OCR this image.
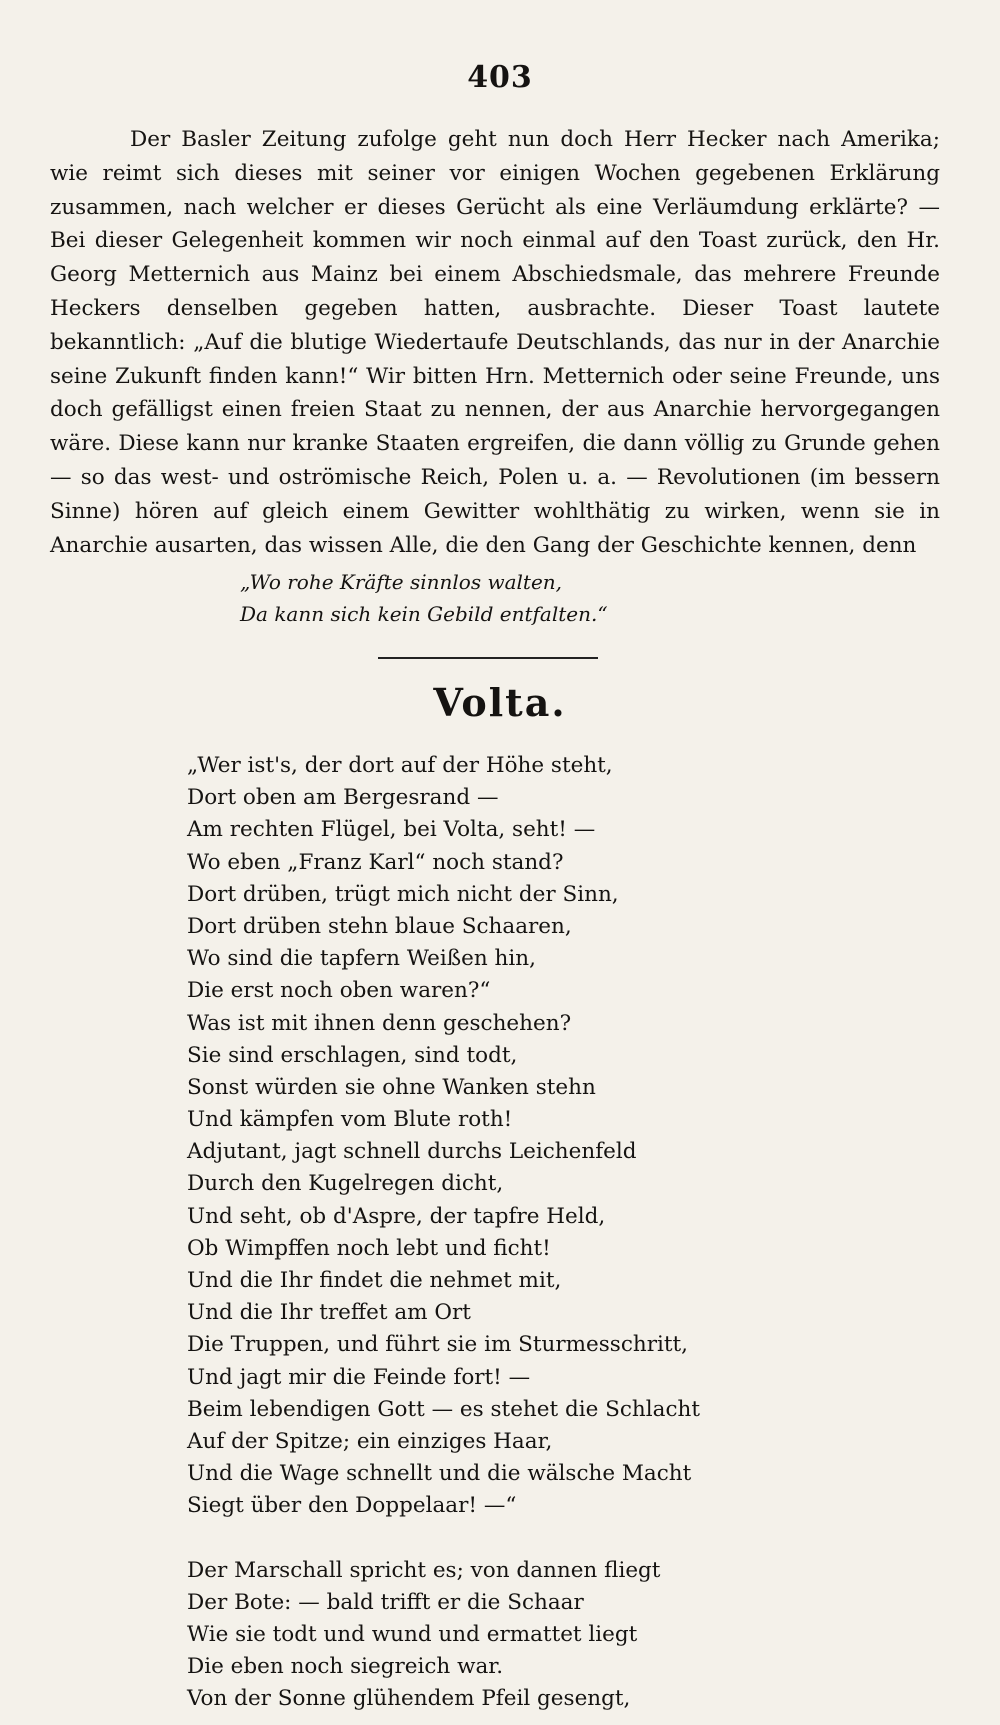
403

Der Basler Zeitung zufolge geht nun doch Herr Hecker nach Amerika; wie reimt sich dieses mit seiner vor einigen Wochen gegebenen Erklärung zusammen, nach welcher er dieses Gerücht als eine Verläumdung erklärte? — Bei dieser Gelegenheit kommen wir noch einmal auf den Toast zurück, den Hr. Georg Metternich aus Mainz bei einem Abschiedsmale, das mehrere Freunde Heckers denselben gegeben hatten, ausbrachte. Dieser Toast lautete bekanntlich: „Auf die blutige Wiedertaufe Deutschlands, das nur in der Anarchie seine Zukunft finden kann!“ Wir bitten Hrn. Metternich oder seine Freunde, uns doch gefälligst einen freien Staat zu nennen, der aus Anarchie hervorgegangen wäre. Diese kann nur kranke Staaten ergreifen, die dann völlig zu Grunde gehen — so das west- und oströmische Reich, Polen u. a. — Revolutionen (im bessern Sinne) hören auf gleich einem Gewitter wohlthätig zu wirken, wenn sie in Anarchie ausarten, das wissen Alle, die den Gang der Geschichte kennen, denn

„Wo rohe Kräfte sinnlos walten,
Da kann sich kein Gebild entfalten.“
Volta.
„Wer ist's, der dort auf der Höhe steht,
Dort oben am Bergesrand —
Am rechten Flügel, bei Volta, seht! —
Wo eben „Franz Karl“ noch stand?
Dort drüben, trügt mich nicht der Sinn,
Dort drüben stehn blaue Schaaren,
Wo sind die tapfern Weißen hin,
Die erst noch oben waren?“
Was ist mit ihnen denn geschehen?
Sie sind erschlagen, sind todt,
Sonst würden sie ohne Wanken stehn
Und kämpfen vom Blute roth!
Adjutant, jagt schnell durchs Leichenfeld
Durch den Kugelregen dicht,
Und seht, ob d'Aspre, der tapfre Held,
Ob Wimpffen noch lebt und ficht!
Und die Ihr findet die nehmet mit,
Und die Ihr treffet am Ort
Die Truppen, und führt sie im Sturmesschritt,
Und jagt mir die Feinde fort! —
Beim lebendigen Gott — es stehet die Schlacht
Auf der Spitze; ein einziges Haar,
Und die Wage schnellt und die wälsche Macht
Siegt über den Doppelaar! —“
Der Marschall spricht es; von dannen fliegt
Der Bote: — bald trifft er die Schaar
Wie sie todt und wund und ermattet liegt
Die eben noch siegreich war.
Von der Sonne glühendem Pfeil gesengt,
